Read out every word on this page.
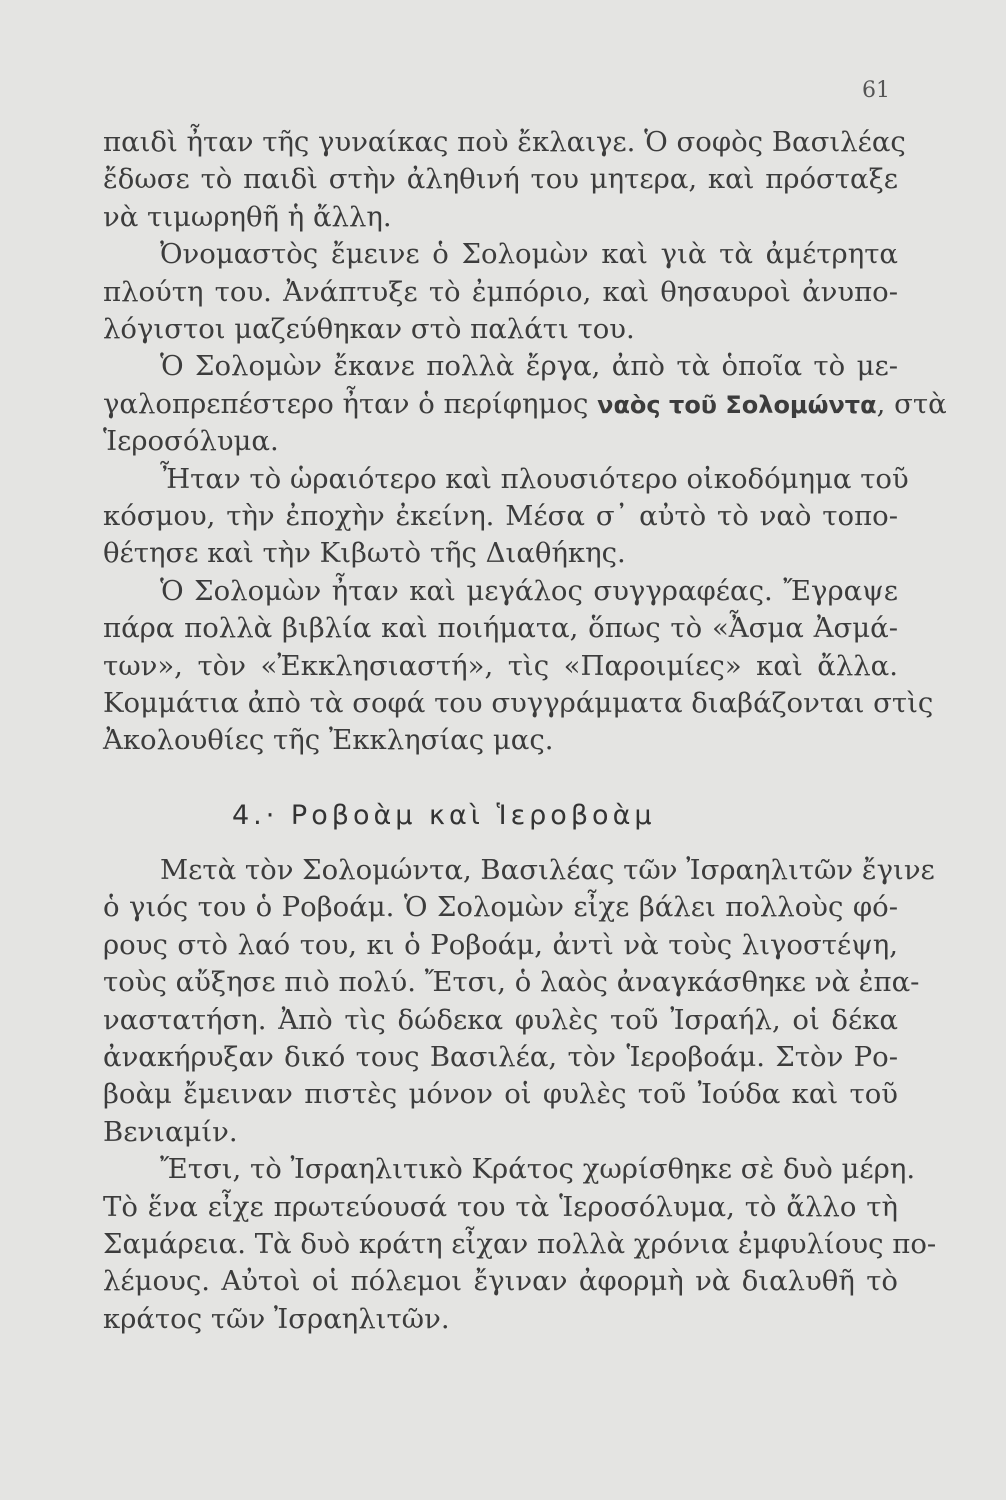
61
4.· Ροβοὰμ καὶ Ἱεροβοὰμ
παιδὶ ἦταν τῆς γυναίκας ποὺ ἔκλαιγε. Ὁ σοφὸς Βασιλέας
ἔδωσε τὸ παιδὶ στὴν ἀληθινή του μητερα, καὶ πρόσταξε
νὰ τιμωρηθῆ ἡ ἄλλη.
Ὀνομαστὸς ἔμεινε ὁ Σολομὼν καὶ γιὰ τὰ ἀμέτρητα
πλούτη του. Ἀνάπτυξε τὸ ἐμπόριο, καὶ θησαυροὶ ἀνυπο-
λόγιστοι μαζεύθηκαν στὸ παλάτι του.
Ὁ Σολομὼν ἔκανε πολλὰ ἔργα, ἀπὸ τὰ ὁποῖα τὸ με-
γαλοπρεπέστερο ἦταν ὁ περίφημος ναὸς τοῦ Σολομώντα, στὰ
Ἱεροσόλυμα.
Ἦταν τὸ ὡραιότερο καὶ πλουσιότερο οἰκοδόμημα τοῦ
κόσμου, τὴν ἐποχὴν ἐκείνη. Μέσα σ᾽ αὐτὸ τὸ ναὸ τοπο-
θέτησε καὶ τὴν Κιβωτὸ τῆς Διαθήκης.
Ὁ Σολομὼν ἦταν καὶ μεγάλος συγγραφέας. Ἔγραψε
πάρα πολλὰ βιβλία καὶ ποιήματα, ὅπως τὸ «Ἆσμα Ἀσμά-
των», τὸν «Ἐκκλησιαστή», τὶς «Παροιμίες» καὶ ἄλλα.
Κομμάτια ἀπὸ τὰ σοφά του συγγράμματα διαβάζονται στὶς
Ἀκολουθίες τῆς Ἐκκλησίας μας.
Μετὰ τὸν Σολομώντα, Βασιλέας τῶν Ἰσραηλιτῶν ἔγινε
ὁ γιός του ὁ Ροβοάμ. Ὁ Σολομὼν εἶχε βάλει πολλοὺς φό-
ρους στὸ λαό του, κι ὁ Ροβοάμ, ἀντὶ νὰ τοὺς λιγοστέψη,
τοὺς αὔξησε πιὸ πολύ. Ἔτσι, ὁ λαὸς ἀναγκάσθηκε νὰ ἐπα-
ναστατήση. Ἀπὸ τὶς δώδεκα φυλὲς τοῦ Ἰσραήλ, οἱ δέκα
ἀνακήρυξαν δικό τους Βασιλέα, τὸν Ἱεροβοάμ. Στὸν Ρο-
βοὰμ ἔμειναν πιστὲς μόνον οἱ φυλὲς τοῦ Ἰούδα καὶ τοῦ
Βενιαμίν.
Ἔτσι, τὸ Ἰσραηλιτικὸ Κράτος χωρίσθηκε σὲ δυὸ μέρη.
Τὸ ἕνα εἶχε πρωτεύουσά του τὰ Ἱεροσόλυμα, τὸ ἄλλο τὴ
Σαμάρεια. Τὰ δυὸ κράτη εἶχαν πολλὰ χρόνια ἐμφυλίους πο-
λέμους. Αὐτοὶ οἱ πόλεμοι ἔγιναν ἀφορμὴ νὰ διαλυθῆ τὸ
κράτος τῶν Ἰσραηλιτῶν.
